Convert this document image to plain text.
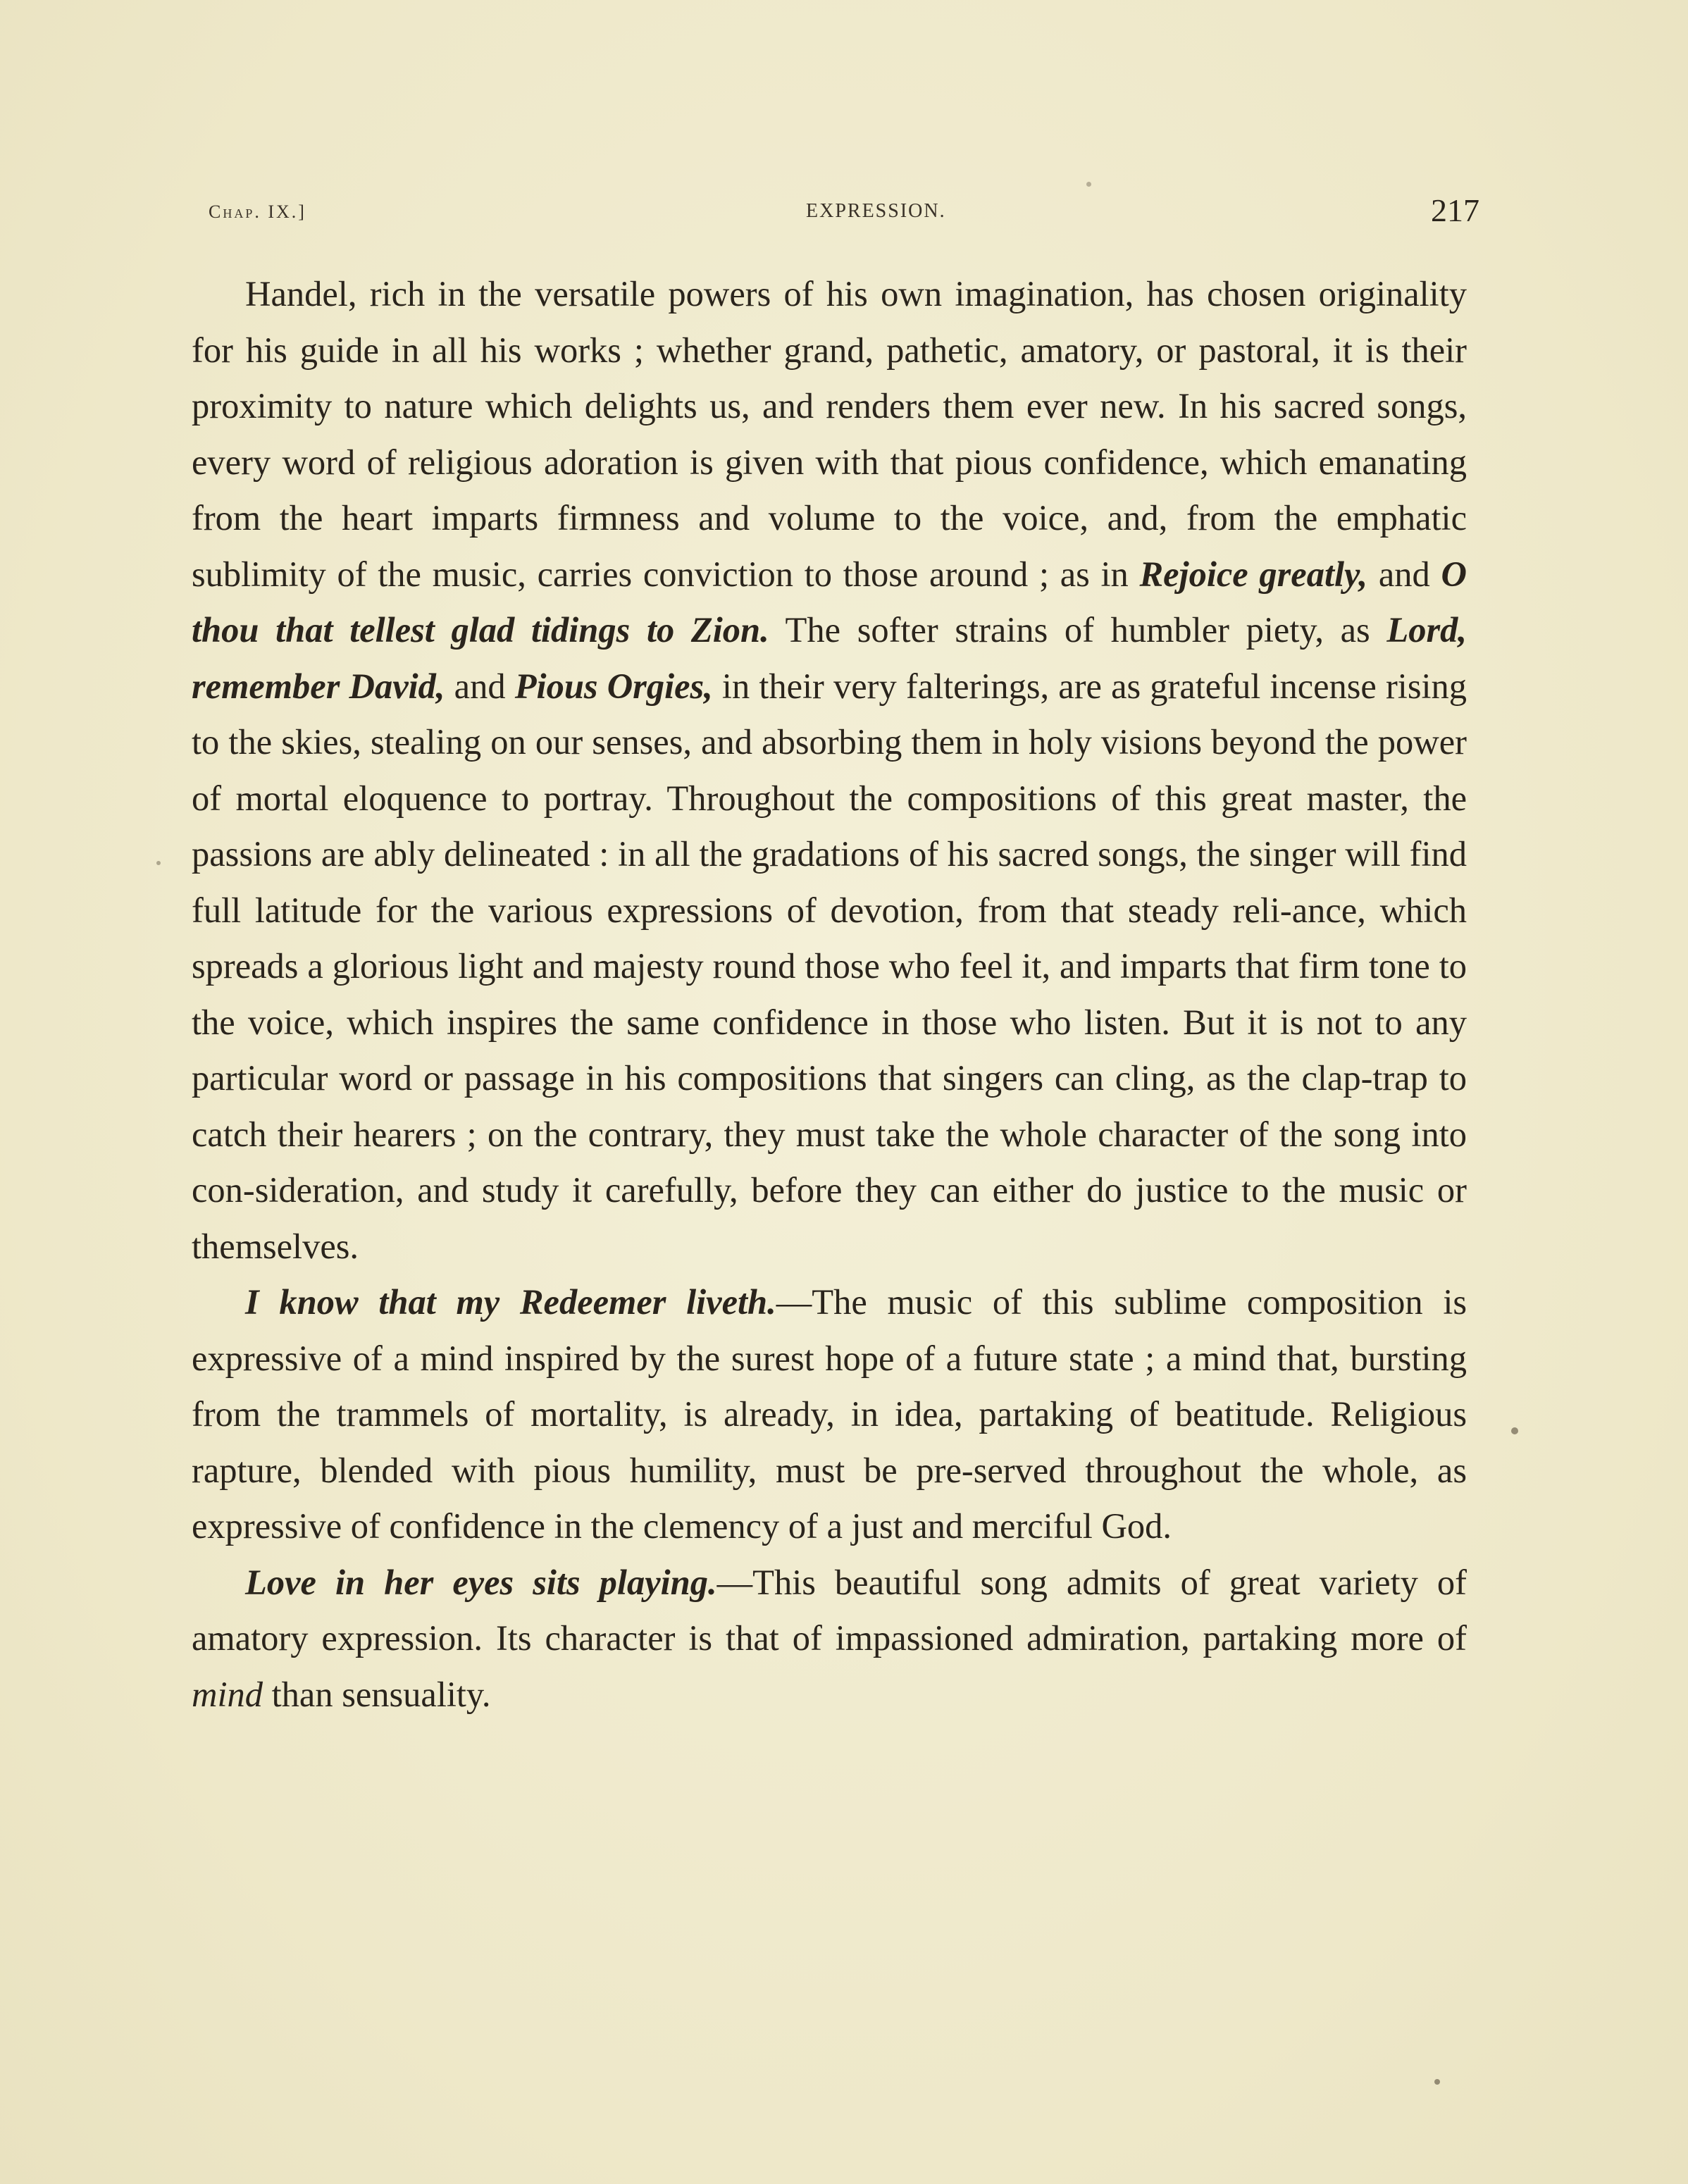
Chap. IX.]	EXPRESSION.	217

Handel, rich in the versatile powers of his own imagination, has chosen originality for his guide in all his works ; whether grand, pathetic, amatory, or pastoral, it is their proximity to nature which delights us, and renders them ever new. In his sacred songs, every word of religious adoration is given with that pious confidence, which emanating from the heart imparts firmness and volume to the voice, and, from the emphatic sublimity of the music, carries conviction to those around ; as in Rejoice greatly, and O thou that tellest glad tidings to Zion. The softer strains of humbler piety, as Lord, remember David, and Pious Orgies, in their very falterings, are as grateful incense rising to the skies, stealing on our senses, and absorbing them in holy visions beyond the power of mortal eloquence to portray. Throughout the compositions of this great master, the passions are ably delineated : in all the gradations of his sacred songs, the singer will find full latitude for the various expressions of devotion, from that steady reli-ance, which spreads a glorious light and majesty round those who feel it, and imparts that firm tone to the voice, which inspires the same confidence in those who listen. But it is not to any particular word or passage in his compositions that singers can cling, as the clap-trap to catch their hearers ; on the contrary, they must take the whole character of the song into con-sideration, and study it carefully, before they can either do justice to the music or themselves.

I know that my Redeemer liveth.—The music of this sublime composition is expressive of a mind inspired by the surest hope of a future state ; a mind that, bursting from the trammels of mortality, is already, in idea, partaking of beatitude. Religious rapture, blended with pious humility, must be pre-served throughout the whole, as expressive of confidence in the clemency of a just and merciful God.

Love in her eyes sits playing.—This beautiful song admits of great variety of amatory expression. Its character is that of impassioned admiration, partaking more of mind than sensuality.
